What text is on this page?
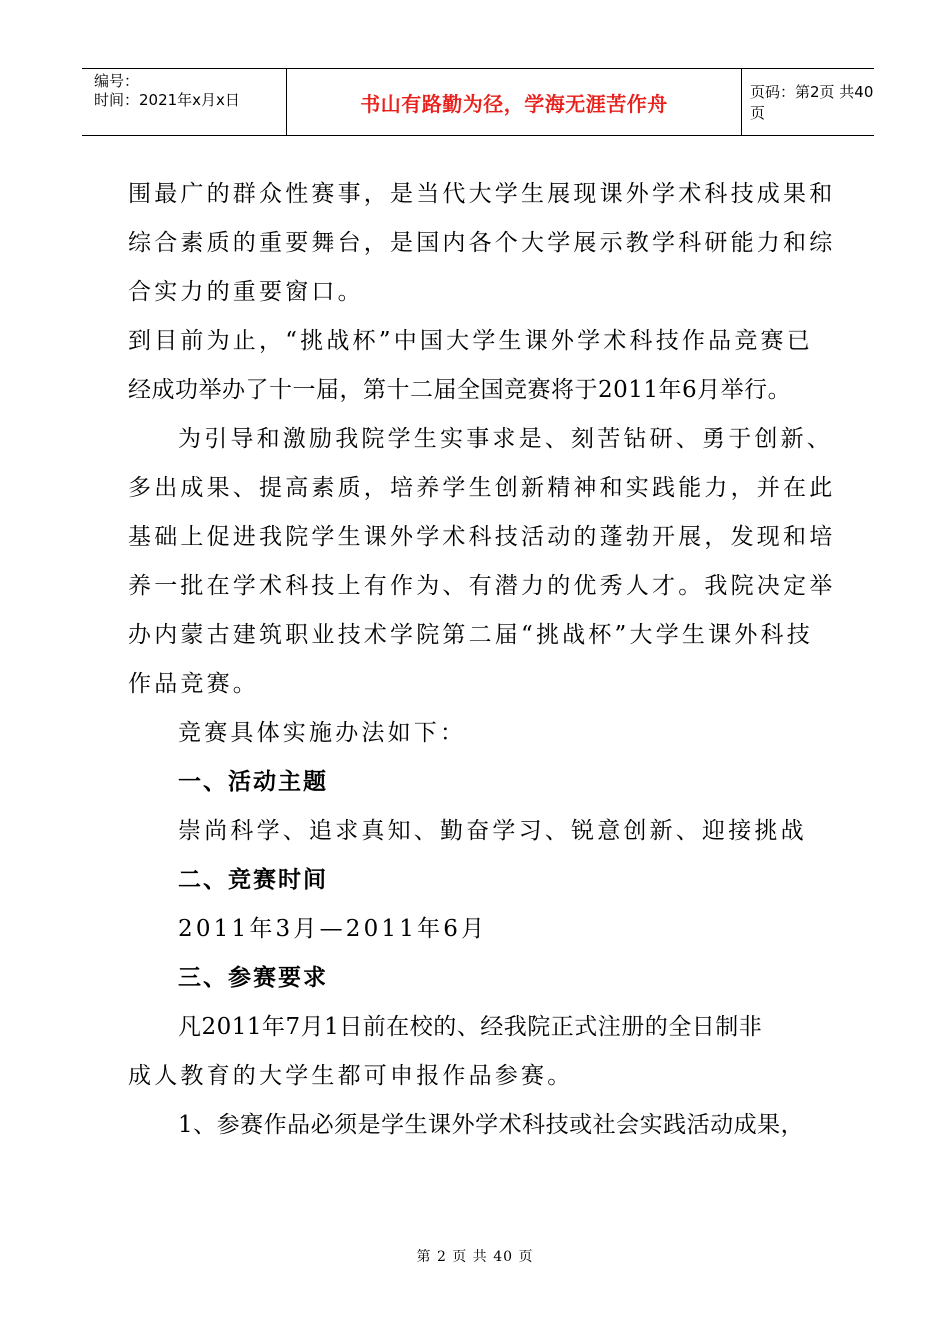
编号：
时间：2021年x月x日	书山有路勤为径，学海无涯苦作舟	页码：第2页 共40页
围最广的群众性赛事，是当代大学生展现课外学术科技成果和
综合素质的重要舞台，是国内各个大学展示教学科研能力和综
合实力的重要窗口。
到目前为止，“挑战杯”中国大学生课外学术科技作品竞赛已
经成功举办了十一届，第十二届全国竞赛将于2011年6月举行。
为引导和激励我院学生实事求是、刻苦钻研、勇于创新、
多出成果、提高素质，培养学生创新精神和实践能力，并在此
基础上促进我院学生课外学术科技活动的蓬勃开展，发现和培
养一批在学术科技上有作为、有潜力的优秀人才。我院决定举
办内蒙古建筑职业技术学院第二届“挑战杯”大学生课外科技
作品竞赛。
竞赛具体实施办法如下：
一、活动主题
崇尚科学、追求真知、勤奋学习、锐意创新、迎接挑战
二、竞赛时间
2011年3月—2011年6月
三、参赛要求
凡2011年7月1日前在校的、经我院正式注册的全日制非
成人教育的大学生都可申报作品参赛。
1、参赛作品必须是学生课外学术科技或社会实践活动成果，
第 2 页 共 40 页
